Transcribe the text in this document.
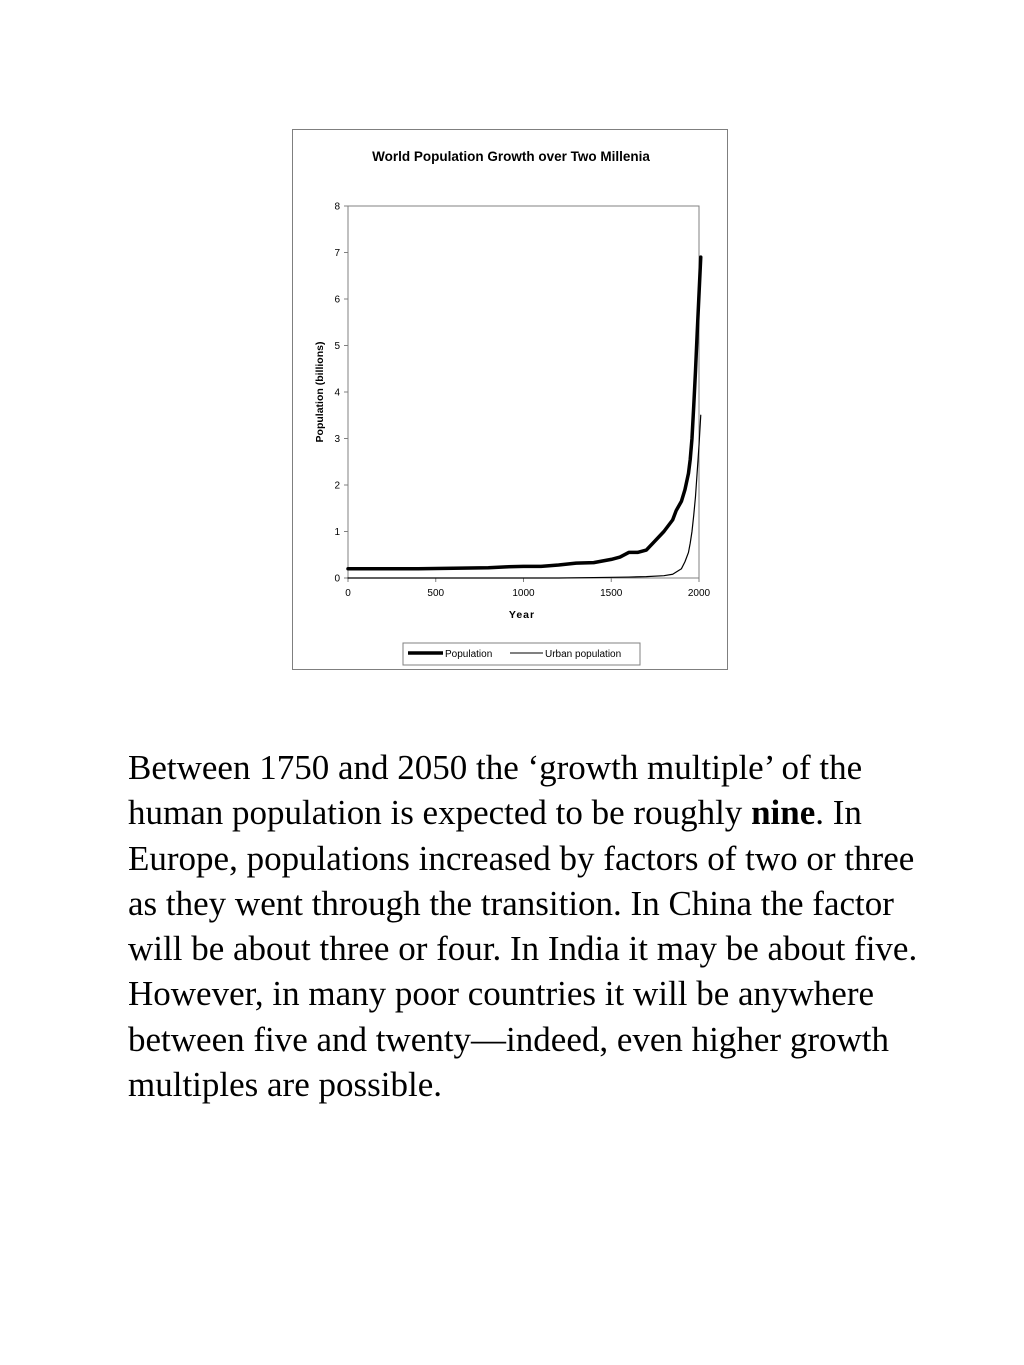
World Population Growth over Two Millenia
0
1
2
3
4
5
6
7
8
0	500	1000	1500	2000
Population (billions)
Year
Population	Urban population

Between 1750 and 2050 the ‘growth multiple’ of the human population is expected to be roughly nine. In Europe, populations increased by factors of two or three as they went through the transition. In China the factor will be about three or four. In India it may be about five. However, in many poor countries it will be anywhere between five and twenty—indeed, even higher growth multiples are possible.
